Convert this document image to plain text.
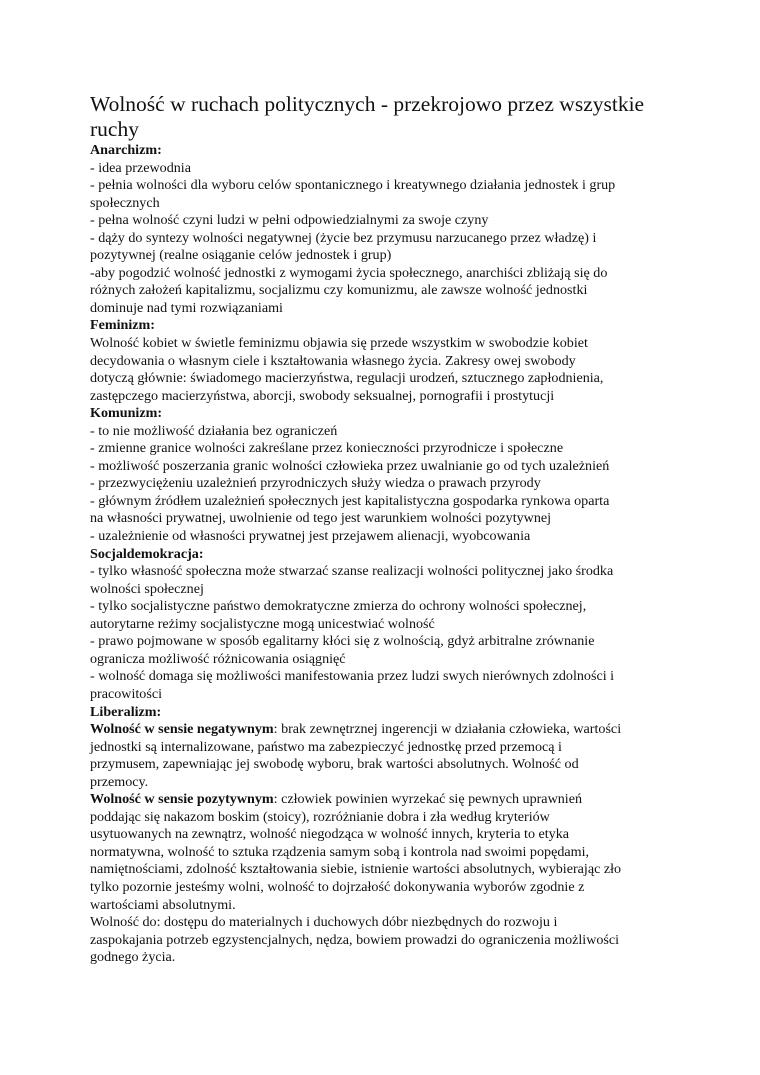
Wolność w ruchach politycznych - przekrojowo przez wszystkie
ruchy
Anarchizm:
- idea przewodnia
- pełnia wolności dla wyboru celów spontanicznego i kreatywnego działania jednostek i grup
społecznych
- pełna wolność czyni ludzi w pełni odpowiedzialnymi za swoje czyny
- dąży do syntezy wolności negatywnej (życie bez przymusu narzucanego przez władzę) i
pozytywnej (realne osiąganie celów jednostek i grup)
-aby pogodzić wolność jednostki z wymogami życia społecznego, anarchiści zbliżają się do
różnych założeń kapitalizmu, socjalizmu czy komunizmu, ale zawsze wolność jednostki
dominuje nad tymi rozwiązaniami
Feminizm:
Wolność kobiet w świetle feminizmu objawia się przede wszystkim w swobodzie kobiet
decydowania o własnym ciele i kształtowania własnego życia. Zakresy owej swobody
dotyczą głównie: świadomego macierzyństwa, regulacji urodzeń, sztucznego zapłodnienia,
zastępczego macierzyństwa, aborcji, swobody seksualnej, pornografii i prostytucji
Komunizm:
- to nie możliwość działania bez ograniczeń
- zmienne granice wolności zakreślane przez konieczności przyrodnicze i społeczne
- możliwość poszerzania granic wolności człowieka przez uwalnianie go od tych uzależnień
- przezwyciężeniu uzależnień przyrodniczych służy wiedza o prawach przyrody
- głównym źródłem uzależnień społecznych jest kapitalistyczna gospodarka rynkowa oparta
na własności prywatnej, uwolnienie od tego jest warunkiem wolności pozytywnej
- uzależnienie od własności prywatnej jest przejawem alienacji, wyobcowania
Socjaldemokracja:
- tylko własność społeczna może stwarzać szanse realizacji wolności politycznej jako środka
wolności społecznej
- tylko socjalistyczne państwo demokratyczne zmierza do ochrony wolności społecznej,
autorytarne reżimy socjalistyczne mogą unicestwiać wolność
- prawo pojmowane w sposób egalitarny kłóci się z wolnością, gdyż arbitralne zrównanie
ogranicza możliwość różnicowania osiągnięć
- wolność domaga się możliwości manifestowania przez ludzi swych nierównych zdolności i
pracowitości
Liberalizm:
Wolność w sensie negatywnym: brak zewnętrznej ingerencji w działania człowieka, wartości
jednostki są internalizowane, państwo ma zabezpieczyć jednostkę przed przemocą i
przymusem, zapewniając jej swobodę wyboru, brak wartości absolutnych. Wolność od
przemocy.
Wolność w sensie pozytywnym: człowiek powinien wyrzekać się pewnych uprawnień
poddając się nakazom boskim (stoicy), rozróżnianie dobra i zła według kryteriów
usytuowanych na zewnątrz, wolność niegodząca w wolność innych, kryteria to etyka
normatywna, wolność to sztuka rządzenia samym sobą i kontrola nad swoimi popędami,
namiętnościami, zdolność kształtowania siebie, istnienie wartości absolutnych, wybierając zło
tylko pozornie jesteśmy wolni, wolność to dojrzałość dokonywania wyborów zgodnie z
wartościami absolutnymi.
Wolność do: dostępu do materialnych i duchowych dóbr niezbędnych do rozwoju i
zaspokajania potrzeb egzystencjalnych, nędza, bowiem prowadzi do ograniczenia możliwości
godnego życia.
